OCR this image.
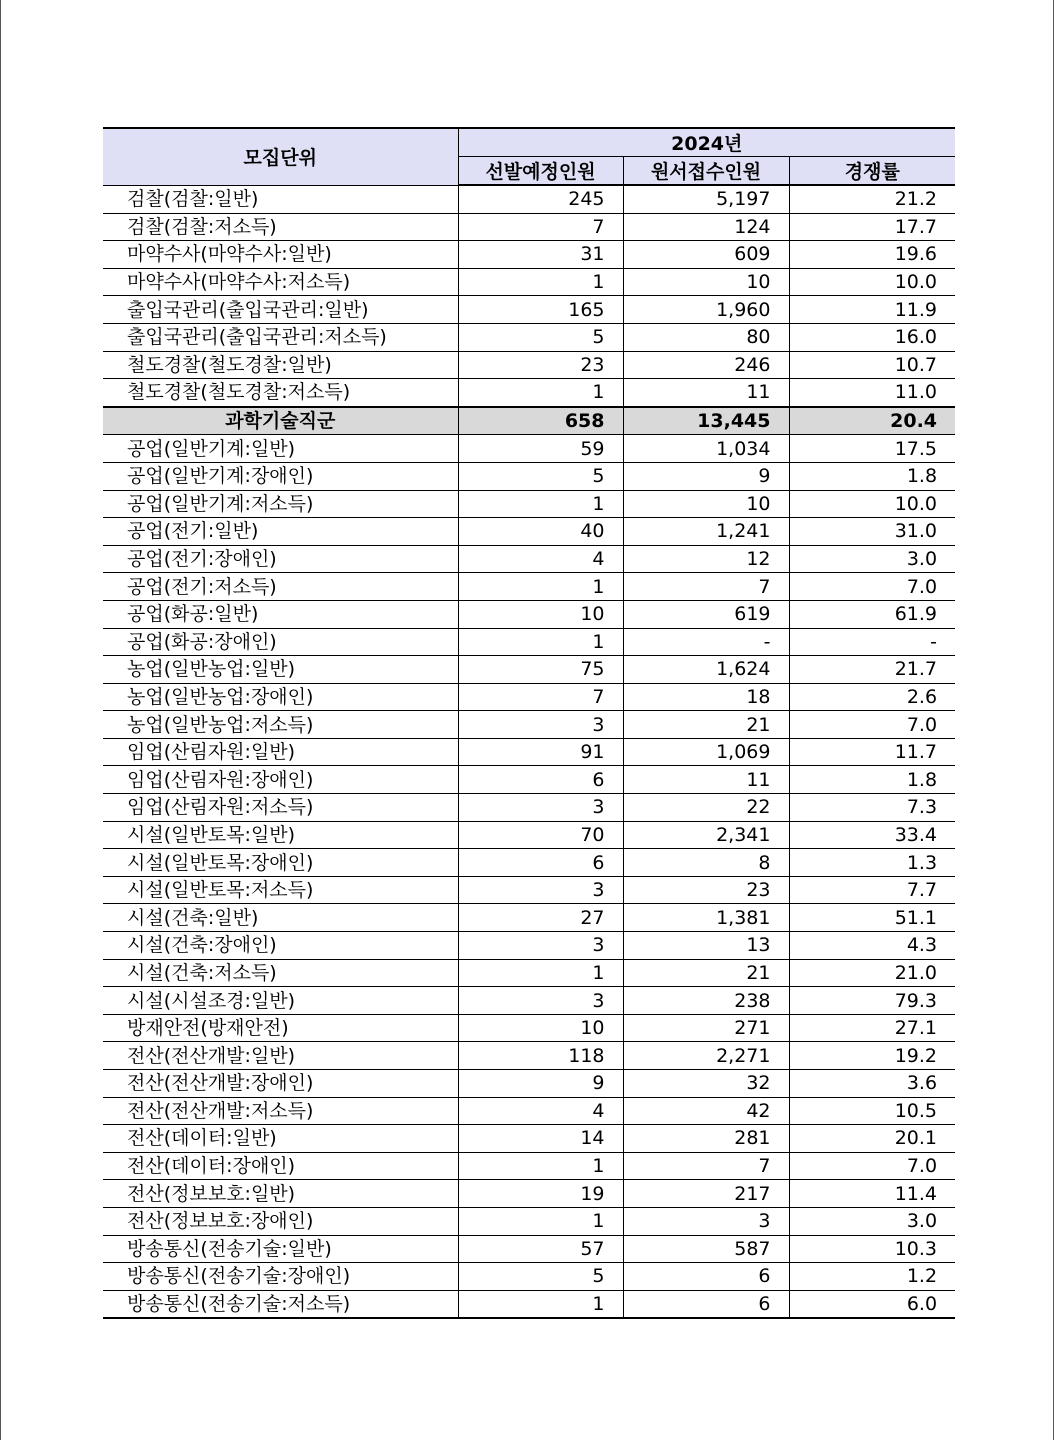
모집단위	2024년		
	선발예정인원	원서접수인원	경쟁률
검찰(검찰:일반)	245	5,197	21.2
검찰(검찰:저소득)	7	124	17.7
마약수사(마약수사:일반)	31	609	19.6
마약수사(마약수사:저소득)	1	10	10.0
출입국관리(출입국관리:일반)	165	1,960	11.9
출입국관리(출입국관리:저소득)	5	80	16.0
철도경찰(철도경찰:일반)	23	246	10.7
철도경찰(철도경찰:저소득)	1	11	11.0
과학기술직군	658	13,445	20.4
공업(일반기계:일반)	59	1,034	17.5
공업(일반기계:장애인)	5	9	1.8
공업(일반기계:저소득)	1	10	10.0
공업(전기:일반)	40	1,241	31.0
공업(전기:장애인)	4	12	3.0
공업(전기:저소득)	1	7	7.0
공업(화공:일반)	10	619	61.9
공업(화공:장애인)	1	-	-
농업(일반농업:일반)	75	1,624	21.7
농업(일반농업:장애인)	7	18	2.6
농업(일반농업:저소득)	3	21	7.0
임업(산림자원:일반)	91	1,069	11.7
임업(산림자원:장애인)	6	11	1.8
임업(산림자원:저소득)	3	22	7.3
시설(일반토목:일반)	70	2,341	33.4
시설(일반토목:장애인)	6	8	1.3
시설(일반토목:저소득)	3	23	7.7
시설(건축:일반)	27	1,381	51.1
시설(건축:장애인)	3	13	4.3
시설(건축:저소득)	1	21	21.0
시설(시설조경:일반)	3	238	79.3
방재안전(방재안전)	10	271	27.1
전산(전산개발:일반)	118	2,271	19.2
전산(전산개발:장애인)	9	32	3.6
전산(전산개발:저소득)	4	42	10.5
전산(데이터:일반)	14	281	20.1
전산(데이터:장애인)	1	7	7.0
전산(정보보호:일반)	19	217	11.4
전산(정보보호:장애인)	1	3	3.0
방송통신(전송기술:일반)	57	587	10.3
방송통신(전송기술:장애인)	5	6	1.2
방송통신(전송기술:저소득)	1	6	6.0
